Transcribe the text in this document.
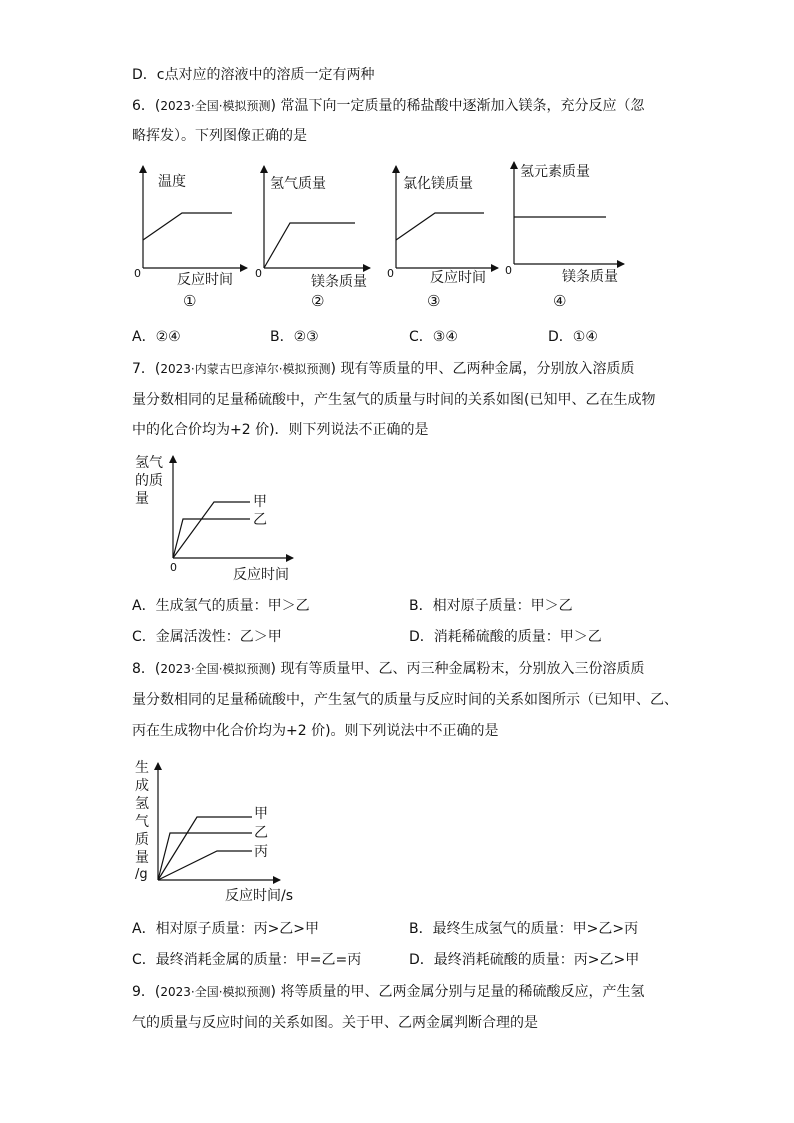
D．c点对应的溶液中的溶质一定有两种
6．(2023·全国·模拟预测) 常温下向一定质量的稀盐酸中逐渐加入镁条，充分反应（忽
略挥发）。下列图像正确的是
温度
0	反应时间
①
氢气质量
0
镁条质量
②
氯化镁质量
0	反应时间
③
氢元素质量
0	镁条质量
④
A．②④	B．②③	C．③④	D．①④
7．(2023·内蒙古巴彦淖尔·模拟预测) 现有等质量的甲、乙两种金属，分别放入溶质质
量分数相同的足量稀硫酸中，产生氢气的质量与时间的关系如图(已知甲、乙在生成物
中的化合价均为+2 价)．则下列说法不正确的是
氢气
的质
量	甲
乙
0	反应时间
A．生成氢气的质量：甲＞乙	B．相对原子质量：甲＞乙
C．金属活泼性：乙＞甲	D．消耗稀硫酸的质量：甲＞乙
8．(2023·全国·模拟预测) 现有等质量甲、乙、丙三种金属粉末，分别放入三份溶质质
量分数相同的足量稀硫酸中，产生氢气的质量与反应时间的关系如图所示（已知甲、乙、
丙在生成物中化合价均为+2 价)。则下列说法中不正确的是
生
成
氢
气
质
量
/g
甲
乙
丙
反应时间/s
A．相对原子质量：丙>乙>甲	B．最终生成氢气的质量：甲>乙>丙
C．最终消耗金属的质量：甲=乙=丙	D．最终消耗硫酸的质量：丙>乙>甲
9．(2023·全国·模拟预测) 将等质量的甲、乙两金属分别与足量的稀硫酸反应，产生氢
气的质量与反应时间的关系如图。关于甲、乙两金属判断合理的是
